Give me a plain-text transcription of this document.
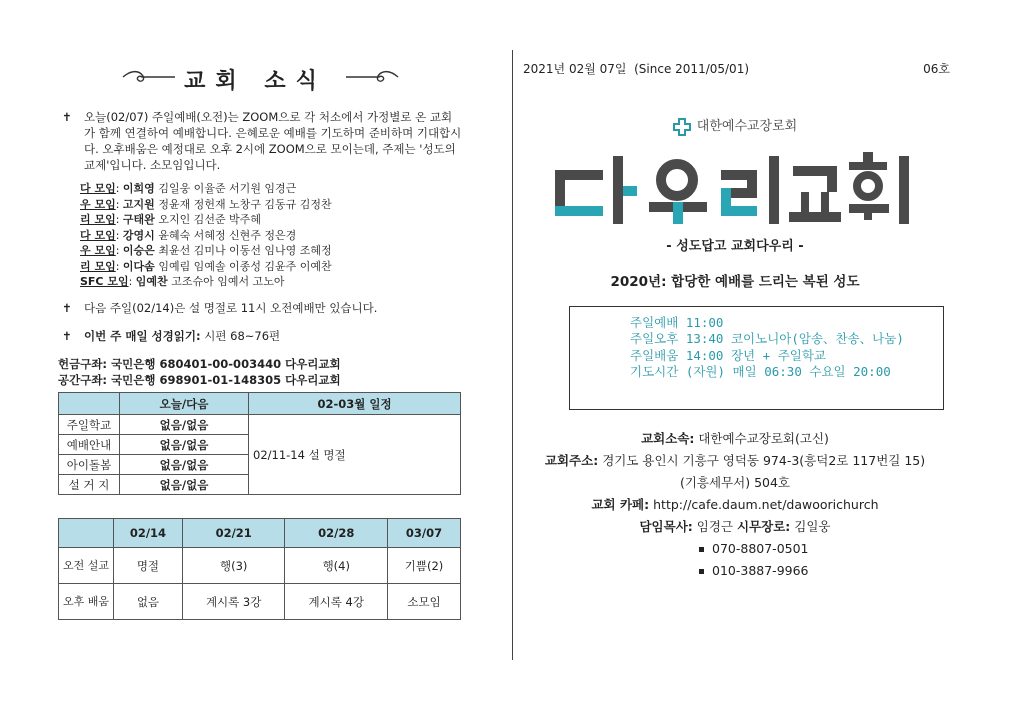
교회 소식
✝	오늘(02/07) 주일예배(오전)는 ZOOM으로 각 처소에서 가정별로 온 교회가 함께 연결하여 예배합니다. 은혜로운 예배를 기도하며 준비하며 기대합시다. 오후배움은 예정대로 오후 2시에 ZOOM으로 모이는데, 주제는 '성도의 교제'입니다. 소모임입니다.
다 모임: 이희영 김일웅 이율준 서기원 임경근
우 모임: 고지원 정윤재 정헌재 노창구 김동규 김정찬
리 모임: 구태완 오지인 김선준 박주혜
다 모임: 강영시 윤혜숙 서혜정 신현주 정은경
우 모임: 이승은 최윤선 김미나 이동선 임나영 조혜정
리 모임: 이다솜 임예림 임예솔 이종성 김윤주 이예찬
SFC 모임: 임예찬 고조슈아 임예서 고노아
✝	다음 주일(02/14)은 설 명절로 11시 오전예배만 있습니다.
✝	이번 주 매일 성경읽기: 시편 68~76편
헌금구좌: 국민은행 680401-00-003440 다우리교회
공간구좌: 국민은행 698901-01-148305 다우리교회
	오늘/다음	02-03월 일정
주일학교	없음/없음	02/11-14 설 명절
예배안내	없음/없음	
아이돌봄	없음/없음	
설 거 지	없음/없음	
	02/14	02/21	02/28	03/07
오전 설교	명절	행(3)	행(4)	기쁨(2)
오후 배움	없음	계시록 3강	계시록 4강	소모임
2021년 02월 07일 (Since 2011/05/01)	06호
대한예수교장로회
- 성도답고 교회다우리 -
2020년: 합당한 예배를 드리는 복된 성도
주일예배 11:00
주일오후 13:40 코이노니아(암송、찬송、나눔)
주일배움 14:00 장년 + 주일학교
기도시간 (자원) 매일 06:30 수요일 20:00
교회소속: 대한예수교장로회(고신)
교회주소: 경기도 용인시 기흥구 영덕동 974-3(흥덕2로 117번길 15)
(기흥세무서) 504호
교회 카페: http://cafe.daum.net/dawoorichurch
담임목사: 임경근 시무장로: 김일웅
070-8807-0501
010-3887-9966
